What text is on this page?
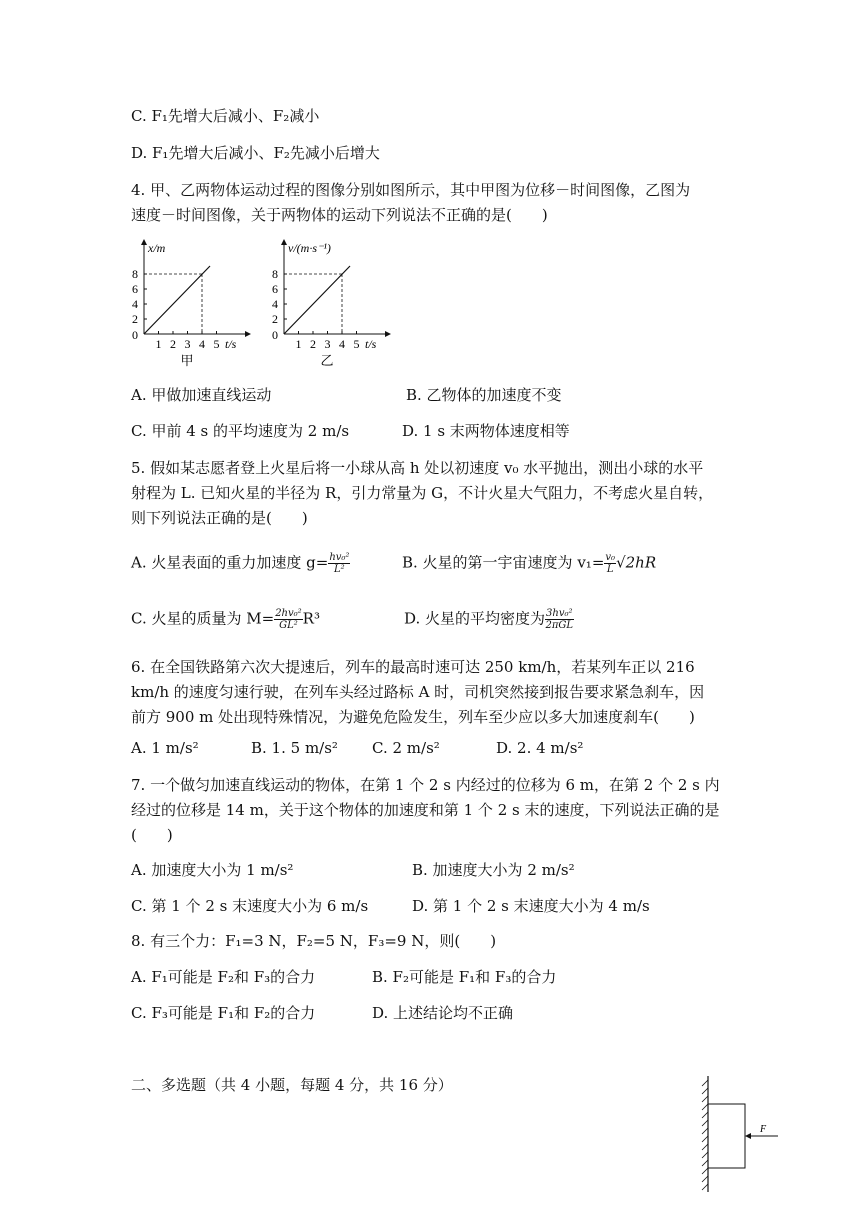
C. F₁先增大后减小、F₂减小
D. F₁先增大后减小、F₂先减小后增大
4. 甲、乙两物体运动过程的图像分别如图所示，其中甲图为位移－时间图像，乙图为
速度－时间图像，关于两物体的运动下列说法不正确的是(　　)
x/m
8
6
4
2
0
1 2 3 4 5 t/s
甲
v/(m·s⁻¹)
8
6
4
2
0
1 2 3 4 5 t/s
乙
A. 甲做加速直线运动	B. 乙物体的加速度不变
C. 甲前 4 s 的平均速度为 2 m/s	D. 1 s 末两物体速度相等
5. 假如某志愿者登上火星后将一小球从高 h 处以初速度 v₀ 水平抛出，测出小球的水平
射程为 L. 已知火星的半径为 R，引力常量为 G，不计火星大气阻力，不考虑火星自转，
则下列说法正确的是(　　)
A. 火星表面的重力加速度 $g= \frac{\text{hv₀²}}{\text{L²}}$	B. 火星的第一宇宙速度为 $v_1= \frac{\text{v₀}}{L} √2hR$
C. 火星的质量为 $M= \frac{\text{2hv₀²}}{\text{GL²}} R^3$	D. 火星的平均密度为 $\frac{\text{3hv₀²}}{\text{2πGL}}$
6. 在全国铁路第六次大提速后，列车的最高时速可达 250 km/h，若某列车正以 216
km/h 的速度匀速行驶，在列车头经过路标 A 时，司机突然接到报告要求紧急刹车，因
前方 900 m 处出现特殊情况，为避免危险发生，列车至少应以多大加速度刹车(　　)
A. 1 m/s²	B. 1. 5 m/s² C. 2 m/s²	D. 2. 4 m/s²
7. 一个做匀加速直线运动的物体，在第 1 个 2 s 内经过的位移为 6 m，在第 2 个 2 s 内
经过的位移是 14 m，关于这个物体的加速度和第 1 个 2 s 末的速度，下列说法正确的是
(　　)
A. 加速度大小为 1 m/s²	B. 加速度大小为 2 m/s²
C. 第 1 个 2 s 末速度大小为 6 m/s	D. 第 1 个 2 s 末速度大小为 4 m/s
8. 有三个力：F₁=3 N，F₂=5 N，F₃=9 N，则(　　)
A. F₁可能是 F₂和 F₃的合力	B. F₂可能是 F₁和 F₃的合力
C. F₃可能是 F₁和 F₂的合力	D. 上述结论均不正确
二、多选题（共 4 小题，每题 4 分，共 16 分）
F
